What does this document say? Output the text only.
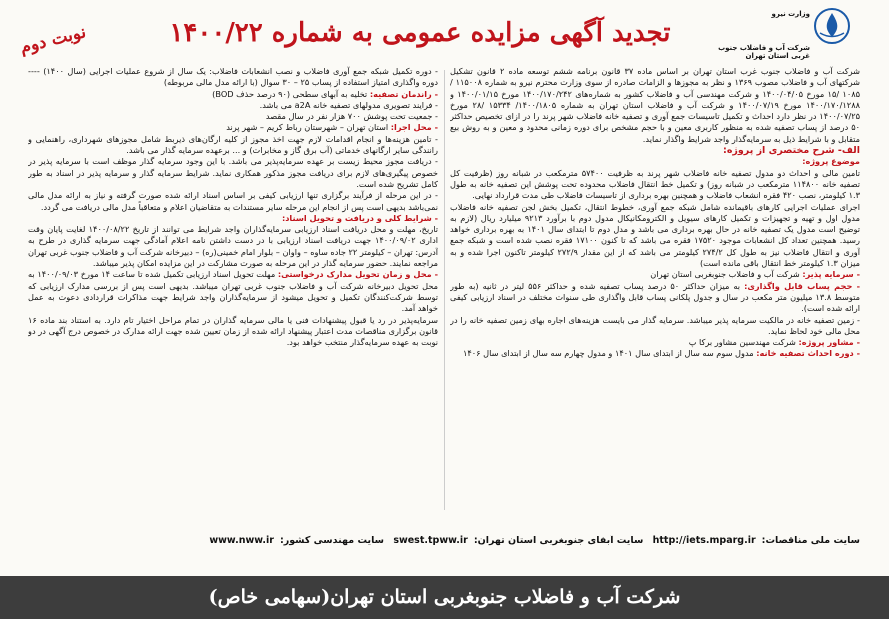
وزارت نیرو
شرکت آب و فاضلاب جنوب غربی استان تهران
تجدید آگهی مزایده عمومی به شماره ۱۴۰۰/۲۲
نوبت دوم

شرکت آب و فاضلاب جنوب غرب استان تهران بر اساس ماده ۳۷ قانون برنامه ششم توسعه ماده ۲ قانون تشکیل شرکتهای آب و فاضلاب مصوب ۱۳۶۹ و نظر به مجوزها و الزامات صادره از سوی وزارت محترم نیرو به شماره ۱۱۵۰۰۸ /۱۰۸۵ /۱۵ مورخ ۱۴۰۰/۰۴/۰۵ و شرکت مهندسی آب و فاضلاب کشور به شماره‌های ۱۴۰۰/۱۷۰/۲۴۲ مورخ ۱۴۰۰/۰۱/۱۵ و ۱۴۰۰/۱۷۰/۱۲۸۸ مورخ ۱۴۰۰/۰۷/۱۹ و شرکت آب و فاضلاب استان تهران به شماره ۱۴۰۰/۱۸۰۵/ ۱۵۳۳۴ /۲۸ مورخ ۱۴۰۰/۰۷/۲۵ در نظر دارد احداث و تکمیل تاسیسات جمع آوری و تصفیه خانه فاضلاب شهر پرند را در ازای تخصیص حداکثر ۵۰ درصد از پساب تصفیه شده به منظور کاربری معین و با حجم مشخص برای دوره زمانی محدود و معین و به روش بیع متقابل و با شرایط ذیل به سرمایه‌گذار واجد شرایط واگذار نماید.

الف- شرح مختصری از پروژه:

موضوع پروژه:

تامین مالی و احداث دو مدول تصفیه خانه فاضلاب شهر پرند به ظرفیت ۵۷۴۰۰ مترمکعب در شبانه روز (ظرفیت کل تصفیه خانه ۱۱۴۸۰۰ مترمکعب در شبانه روز) و تکمیل خط انتقال فاضلاب محدوده تحت پوشش این تصفیه خانه به طول ۱.۳ کیلومتر، نصب ۴۲۰ فقره انشعاب فاضلاب و همچنین بهره برداری از تاسیسات فاضلاب طی مدت قرارداد نهایی.

اجرای عملیات اجرایی کارهای باقیمانده شامل شبکه جمع آوری، خطوط انتقال، تکمیل بخش لجن تصفیه خانه فاضلاب مدول اول و تهیه و تجهیزات و تکمیل کارهای سیویل و الکترومکانیکال مدول دوم با برآورد ۹۲۱۳ میلیارد ریال (لازم به توضیح است مدول یک تصفیه خانه در حال بهره برداری می باشد و مدل دوم تا ابتدای سال ۱۴۰۱ به بهره برداری خواهد رسید. همچنین تعداد کل انشعابات موجود ۱۷۵۲۰ فقره می باشد که تا کنون ۱۷۱۰۰ فقره نصب شده است و شبکه جمع آوری و انتقال فاضلاب نیز به طول کل ۲۷۴/۲ کیلومتر می باشد که از این مقدار ۲۷۲/۹ کیلومتر تاکنون اجرا شده و به میزان ۱.۳ کیلومتر خط انتقال باقی مانده است)

- سرمایه پذیر: شرکت آب و فاضلاب جنوبغربی استان تهران

- حجم پساب قابل واگذاری: به میزان حداکثر ۵۰ درصد پساب تصفیه شده و حداکثر ۵۵۶ لیتر در ثانیه (به طور متوسط ۱۳.۸ میلیون متر مکعب در سال و جدول پلکانی پساب قابل واگذاری طی سنوات مختلف در اسناد ارزیابی کیفی ارائه شده است).

- زمین تصفیه خانه در مالکیت سرمایه پذیر میباشد. سرمایه گذار می بایست هزینه‌های اجاره بهای زمین تصفیه خانه را در محل مالی خود لحاظ نماید.

- مشاور پروژه: شرکت مهندسین مشاور برکا پ

- دوره احداث تصفیه خانه: مدول سوم سه سال از ابتدای سال ۱۴۰۱ و مدول چهارم سه سال از ابتدای سال ۱۴۰۶

- دوره تکمیل شبکه جمع آوری فاضلاب و نصب انشعابات فاضلاب: یک سال از شروع عملیات اجرایی (سال ۱۴۰۰) ---- دوره واگذاری امتیاز استفاده از پساب ۲۵ – ۳۰ سوال (با ارائه مدل مالی مربوطه)

- راندمان تصفیه: تخلیه به آبهای سطحی (۹۰ درصد حذف BOD)

- فرایند تصویری مدولهای تصفیه خانه a2A می باشد.

- جمعیت تحت پوشش ۷۰۰ هزار نفر در سال مقصد

- محل اجرا: استان تهران – شهرستان رباط کریم – شهر پرند

- تامین هزینه‌ها و انجام اقدامات لازم جهت اخذ مجوز از کلیه ارگان‌های ذیربط شامل مجوزهای شهرداری، راهنمایی و رانندگی سایر ارگانهای خدماتی (آب برق گاز و مخابرات) و ... برعهده سرمایه گذار می باشد.

- دریافت مجوز محیط زیست بر عهده سرمایه‌پذیر می باشد. با این وجود سرمایه گذار موظف است با سرمایه پذیر در خصوص پیگیری‌های لازم برای دریافت مجوز مذکور همکاری نماید. شرایط سرمایه گذار و سرمایه پذیر در اسناد به طور کامل تشریح شده است.

- در این مرحله از فرآیند برگزاری تنها ارزیابی کیفی بر اساس اسناد ارائه شده صورت گرفته و نیاز به ارائه مدل مالی نمی‌باشد بدیهی است پس از انجام این مرحله سایر مستندات به متقاضیان اعلام و متعاقباً مدل مالی دریافت می گردد.

- شرایط کلی و دریافت و تحویل اسناد:

تاریخ، مهلت و محل دریافت اسناد ارزیابی سرمایه‌گذاران واجد شرایط می توانند از تاریخ ۱۴۰۰/۰۸/۲۲ لغایت پایان وقت اداری ۱۴۰۰/۰۹/۰۲ جهت دریافت اسناد ارزیابی با در دست داشتن نامه اعلام آمادگی جهت سرمایه گذاری در طرح به آدرس: تهران – کیلومتر ۲۲ جاده ساوه – واوان – بلوار امام خمینی(ره) – دبیرخانه شرکت آب و فاضلاب جنوب غربی تهران مراجعه نمایند. حضور سرمایه گذار در این مرحله به صورت مشارکت در این مزایده امکان پذیر میباشد.

- محل و زمان تحویل مدارک درخواستی: مهلت تحویل اسناد ارزیابی تکمیل شده تا ساعت ۱۴ مورخ ۱۴۰۰/۰۹/۰۳ به محل تحویل دبیرخانه شرکت آب و فاضلاب جنوب غربی تهران میباشد. بدیهی است پس از بررسی مدارک ارزیابی که توسط شرکت‌کنندگان تکمیل و تحویل میشود از سرمایه‌گذاران واجد شرایط جهت مذاکرات قراردادی دعوت به عمل خواهد آمد.

سرمایه‌پذیر در رد یا قبول پیشنهادات فنی یا مالی سرمایه گذاران در تمام مراحل اختیار تام دارد. به استناد بند ماده ۱۶ قانون برگزاری مناقصات مدت اعتبار پیشنهاد ارائه شده از زمان تعیین شده جهت ارائه مدارک در خصوص درج آگهی در دو نوبت به عهده سرمایه‌گذار منتخب خواهد بود.

سایت ملی مناقصات:http://iets.mparg.ir سایت آبفای جنوبغربی استان تهران:swest.tpww.ir سایت مهندسی کشور:www.nww.ir
شرکت آب و فاضلاب جنوبغربی استان تهران(سهامی خاص)
